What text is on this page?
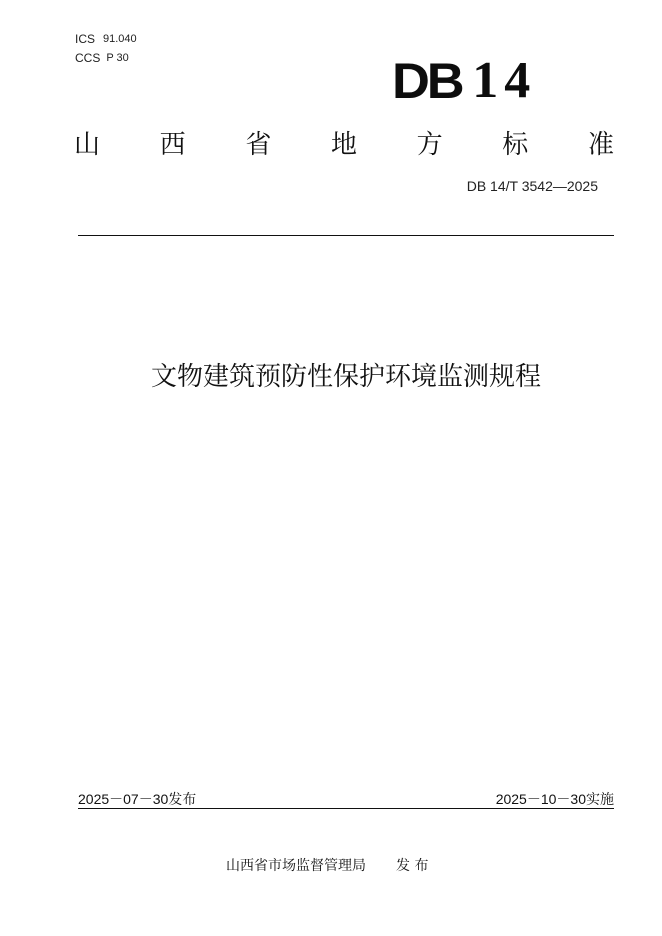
ICS 91.040
CCS P 30	DB 14
山 西 省 地 方 标 准
DB 14/T 3542—2025
文物建筑预防性保护环境监测规程
2025－07－30发布	2025－10－30实施
山西省市场监督管理局 发 布
